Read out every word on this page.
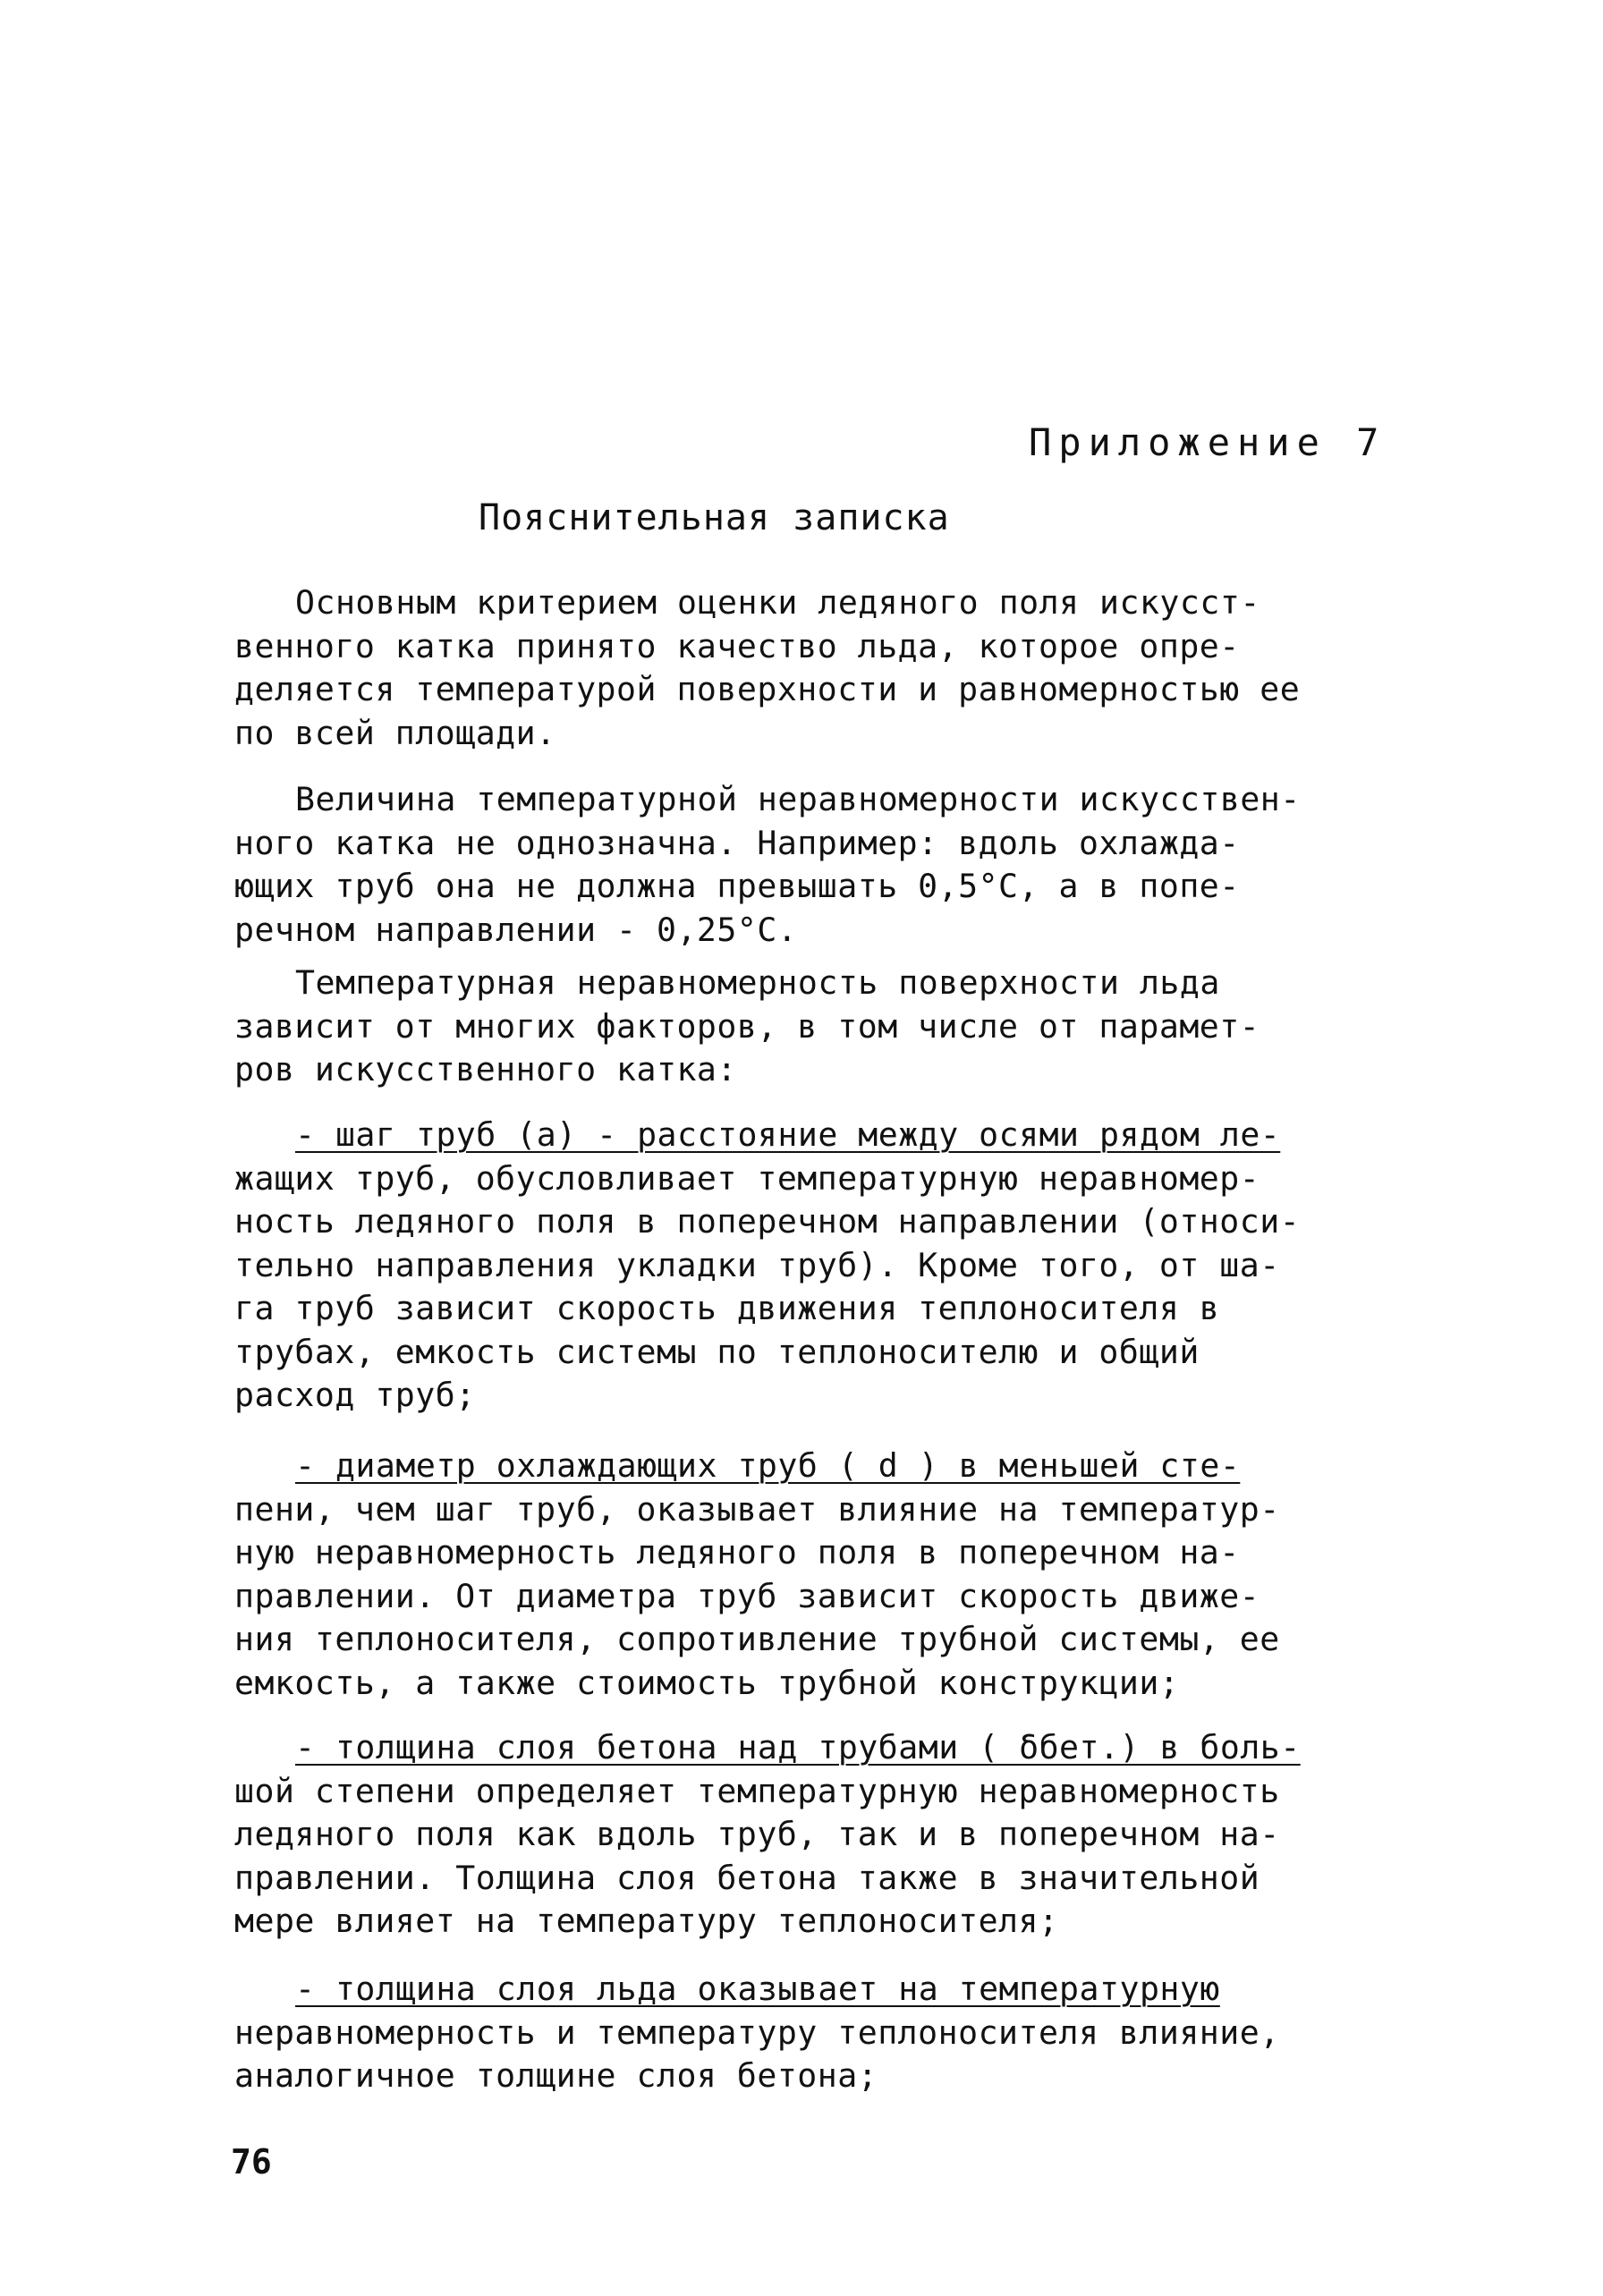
Приложение 7
Пояснительная записка
Основным критерием оценки ледяного поля искусст-
венного катка принято качество льда, которое опре-
деляется температурой поверхности и равномерностью ее
по всей площади.
Величина температурной неравномерности искусствен-
ного катка не однозначна. Например: вдоль охлажда-
ющих труб она не должна превышать 0,5°С, а в попе-
речном направлении - 0,25°С.
Температурная неравномерность поверхности льда
зависит от многих факторов, в том числе от парамет-
ров искусственного катка:
- шаг труб (а) - расстояние между осями рядом ле-
жащих труб, обусловливает температурную неравномер-
ность ледяного поля в поперечном направлении (относи-
тельно направления укладки труб). Кроме того, от ша-
га труб зависит скорость движения теплоносителя в
трубах, емкость системы по теплоносителю и общий
расход труб;
- диаметр охлаждающих труб ( d ) в меньшей сте-
пени, чем шаг труб, оказывает влияние на температур-
ную неравномерность ледяного поля в поперечном на-
правлении. От диаметра труб зависит скорость движе-
ния теплоносителя, сопротивление трубной системы, ее
емкость, а также стоимость трубной конструкции;
- толщина слоя бетона над трубами ( δбет.) в боль-
шой степени определяет температурную неравномерность
ледяного поля как вдоль труб, так и в поперечном на-
правлении. Толщина слоя бетона также в значительной
мере влияет на температуру теплоносителя;
- толщина слоя льда оказывает на температурную
неравномерность и температуру теплоносителя влияние,
аналогичное толщине слоя бетона;
76
